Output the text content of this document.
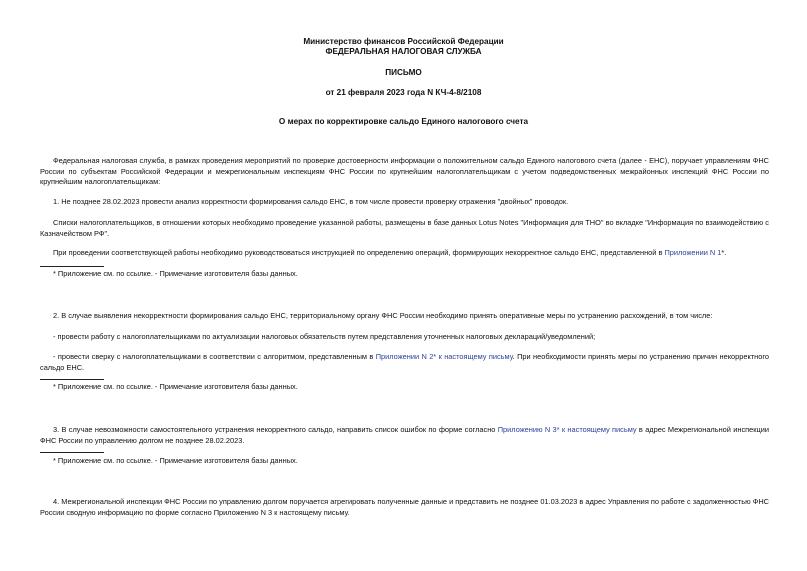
Министерство финансов Российской Федерации
ФЕДЕРАЛЬНАЯ НАЛОГОВАЯ СЛУЖБА
ПИСЬМО
от 21 февраля 2023 года N КЧ-4-8/2108
О мерах по корректировке сальдо Единого налогового счета
Федеральная налоговая служба, в рамках проведения мероприятий по проверке достоверности информации о положительном сальдо Единого налогового счета (далее - ЕНС), поручает управлениям ФНС России по субъектам Российской Федерации и межрегиональным инспекциям ФНС России по крупнейшим налогоплательщикам с учетом подведомственных межрайонных инспекций ФНС России по крупнейшим налогоплательщикам:
1. Не позднее 28.02.2023 провести анализ корректности формирования сальдо ЕНС, в том числе провести проверку отражения "двойных" проводок.
Списки налогоплательщиков, в отношении которых необходимо проведение указанной работы, размещены в базе данных Lotus Notes "Информация для ТНО" во вкладке "Информация по взаимодействию с Казначейством РФ".
При проведении соответствующей работы необходимо руководствоваться инструкцией по определению операций, формирующих некорректное сальдо ЕНС, представленной в Приложении N 1*.
* Приложение см. по ссылке. - Примечание изготовителя базы данных.
2. В случае выявления некорректности формирования сальдо ЕНС, территориальному органу ФНС России необходимо принять оперативные меры по устранению расхождений, в том числе:
- провести работу с налогоплательщиками по актуализации налоговых обязательств путем представления уточненных налоговых деклараций/уведомлений;
- провести сверку с налогоплательщиками в соответствии с алгоритмом, представленным в Приложении N 2* к настоящему письму. При необходимости принять меры по устранению причин некорректного сальдо ЕНС.
* Приложение см. по ссылке. - Примечание изготовителя базы данных.
3. В случае невозможности самостоятельного устранения некорректного сальдо, направить список ошибок по форме согласно Приложению N 3* к настоящему письму в адрес Межрегиональной инспекции ФНС России по управлению долгом не позднее 28.02.2023.
* Приложение см. по ссылке. - Примечание изготовителя базы данных.
4. Межрегиональной инспекции ФНС России по управлению долгом поручается агрегировать полученные данные и представить не позднее 01.03.2023 в адрес Управления по работе с задолженностью ФНС России сводную информацию по форме согласно Приложению N 3 к настоящему письму.
